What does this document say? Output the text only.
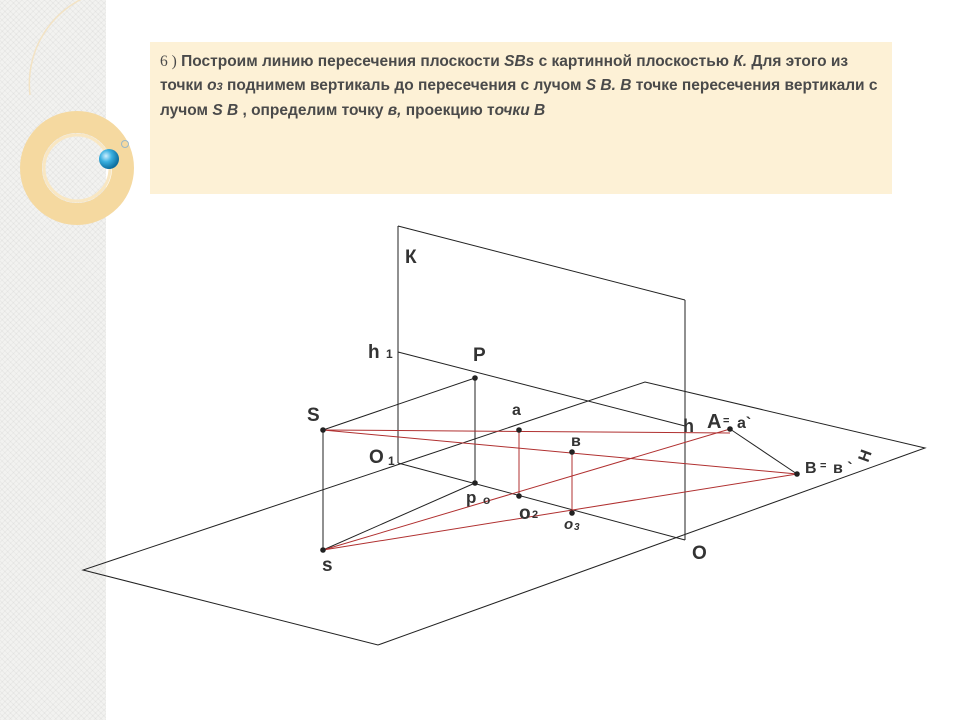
6 ) Построим линию пересечения плоскости SBs с картинной плоскостью К. Для этого из точки o3 поднимем вертикаль до пересечения с лучом S B. В точке пересечения вертикали с лучом S В , определим точку в, проекцию точки В
К
h 1	P
S	a
h A = a`
в
O 1	B = в `
H
p o
o 2
o 3
O
s
